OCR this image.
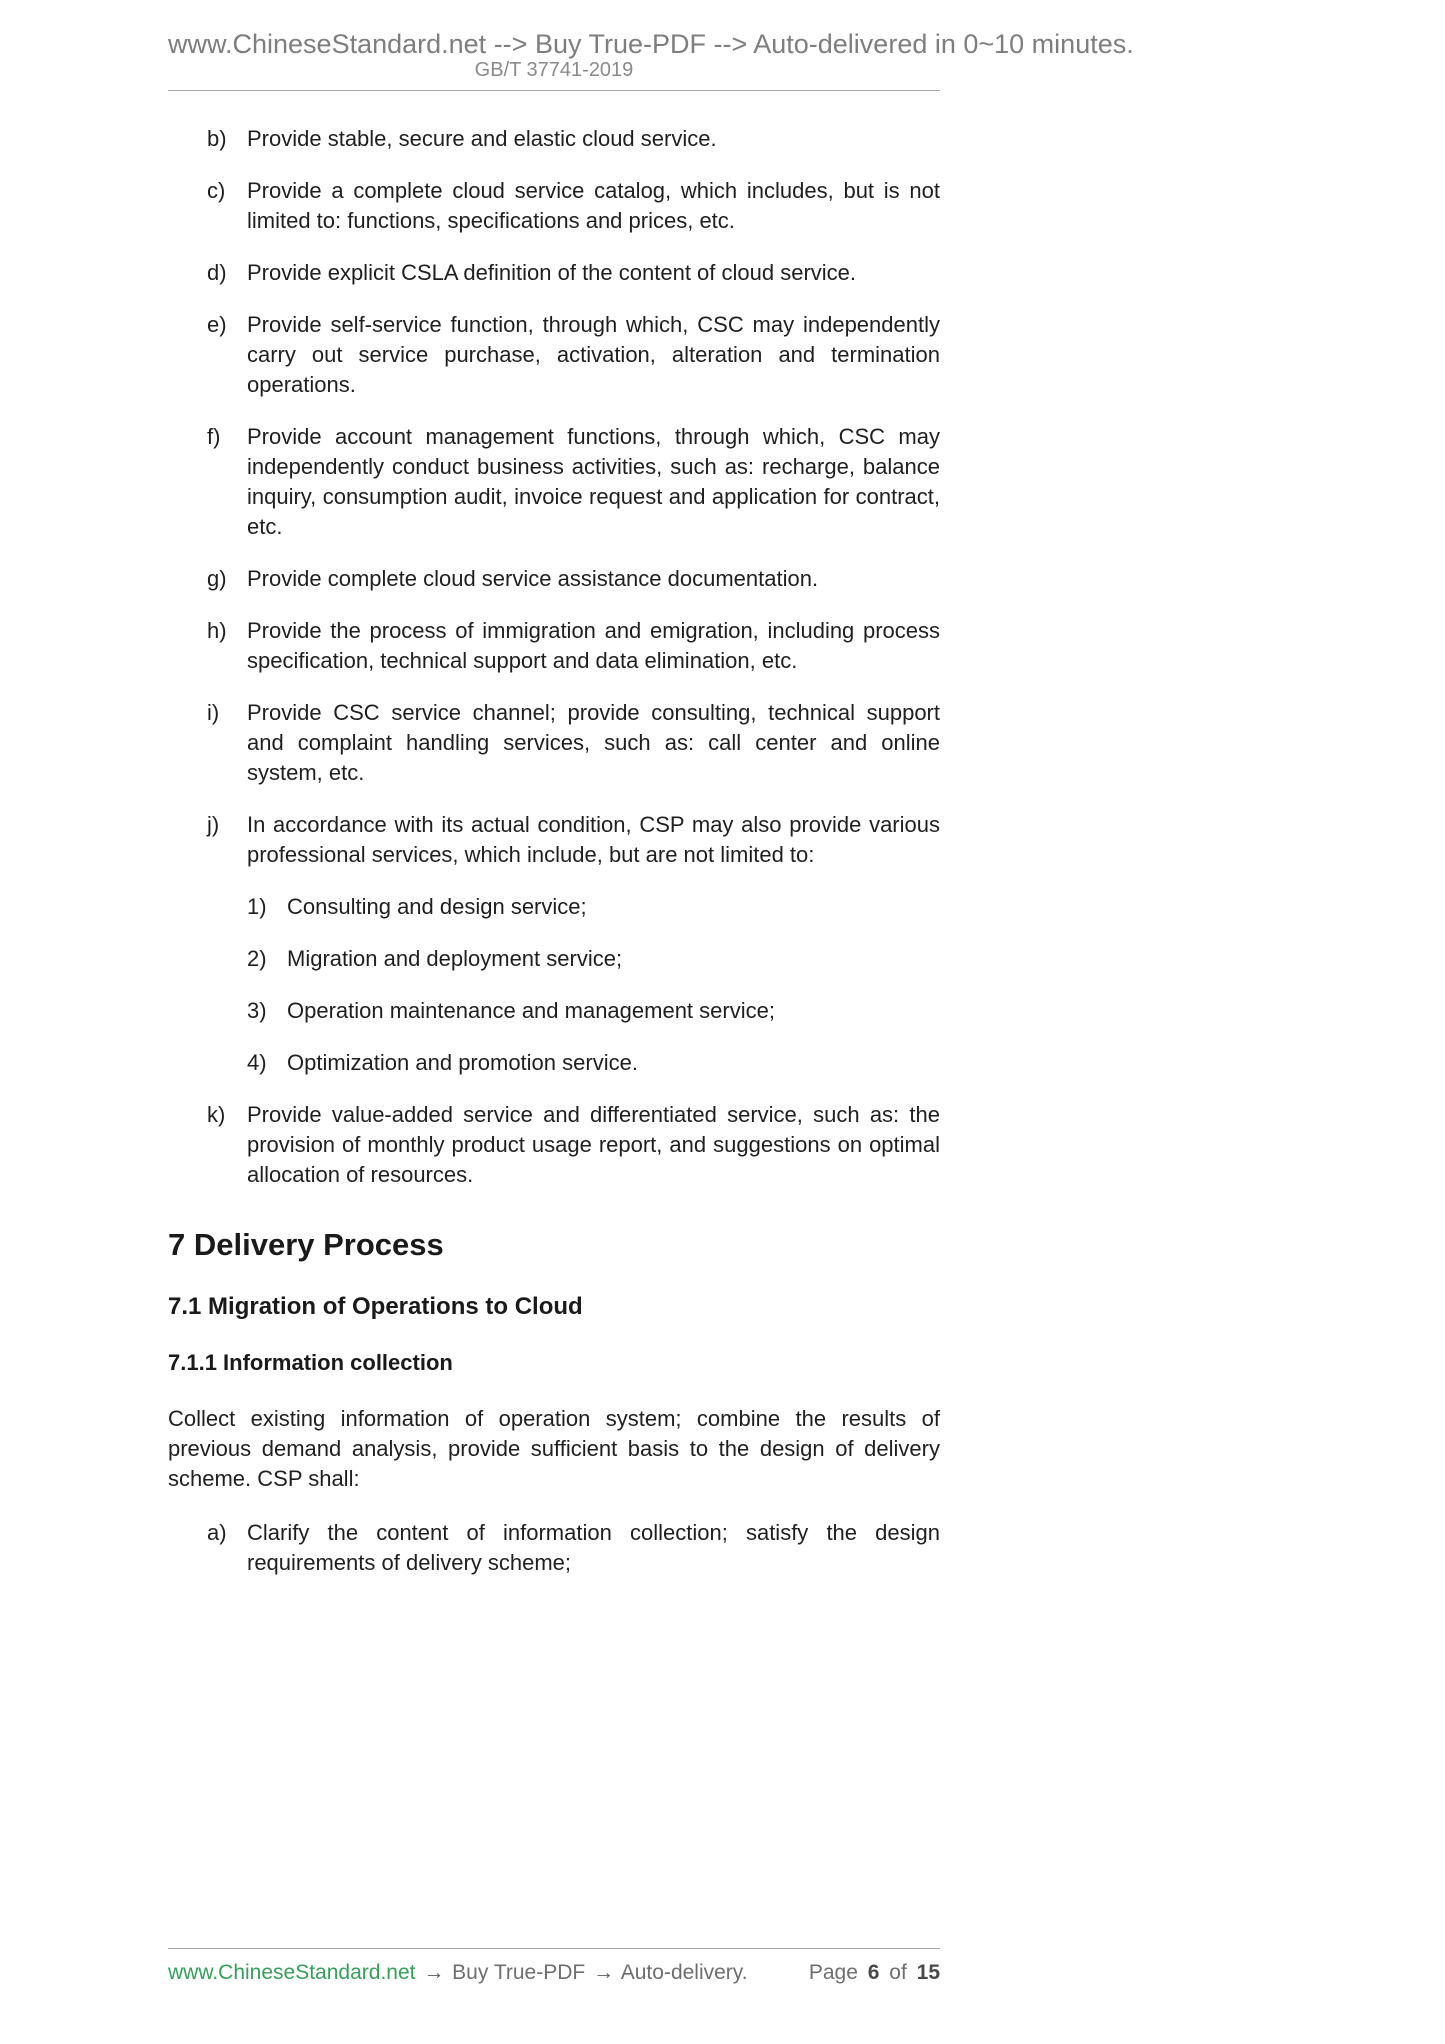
www.ChineseStandard.net --> Buy True-PDF --> Auto-delivered in 0~10 minutes.
GB/T 37741-2019
b) Provide stable, secure and elastic cloud service.
c) Provide a complete cloud service catalog, which includes, but is not limited to: functions, specifications and prices, etc.
d) Provide explicit CSLA definition of the content of cloud service.
e) Provide self-service function, through which, CSC may independently carry out service purchase, activation, alteration and termination operations.
f)	Provide account management functions, through which, CSC may independently conduct business activities, such as: recharge, balance inquiry, consumption audit, invoice request and application for contract, etc.
g) Provide complete cloud service assistance documentation.
h) Provide the process of immigration and emigration, including process specification, technical support and data elimination, etc.
i)	Provide CSC service channel; provide consulting, technical support and complaint handling services, such as: call center and online system, etc.
j)	In accordance with its actual condition, CSP may also provide various professional services, which include, but are not limited to:
1) Consulting and design service;
2) Migration and deployment service;
3) Operation maintenance and management service;
4) Optimization and promotion service.
k) Provide value-added service and differentiated service, such as: the provision of monthly product usage report, and suggestions on optimal allocation of resources.
7 Delivery Process
7.1 Migration of Operations to Cloud
7.1.1 Information collection

Collect existing information of operation system; combine the results of previous demand analysis, provide sufficient basis to the design of delivery scheme. CSP shall:

a) Clarify the content of information collection; satisfy the design requirements of delivery scheme;
www.ChineseStandard.net → Buy True-PDF → Auto-delivery.	Page 6 of 15
